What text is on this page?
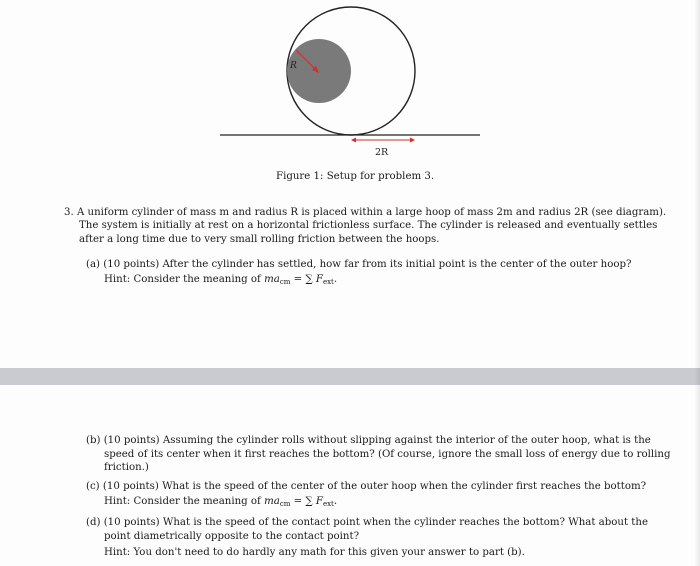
R
2R
Figure 1: Setup for problem 3.
3. A uniform cylinder of mass m and radius R is placed within a large hoop of mass 2m and radius 2R (see diagram).
The system is initially at rest on a horizontal frictionless surface. The cylinder is released and eventually settles
after a long time due to very small rolling friction between the hoops.
(a) (10 points) After the cylinder has settled, how far from its initial point is the center of the outer hoop?
Hint: Consider the meaning of macm = ∑ Fext.
(b) (10 points) Assuming the cylinder rolls without slipping against the interior of the outer hoop, what is the
speed of its center when it first reaches the bottom? (Of course, ignore the small loss of energy due to rolling
friction.)
(c) (10 points) What is the speed of the center of the outer hoop when the cylinder first reaches the bottom?
Hint: Consider the meaning of macm = ∑ Fext.
(d) (10 points) What is the speed of the contact point when the cylinder reaches the bottom? What about the
point diametrically opposite to the contact point?
Hint: You don't need to do hardly any math for this given your answer to part (b).
